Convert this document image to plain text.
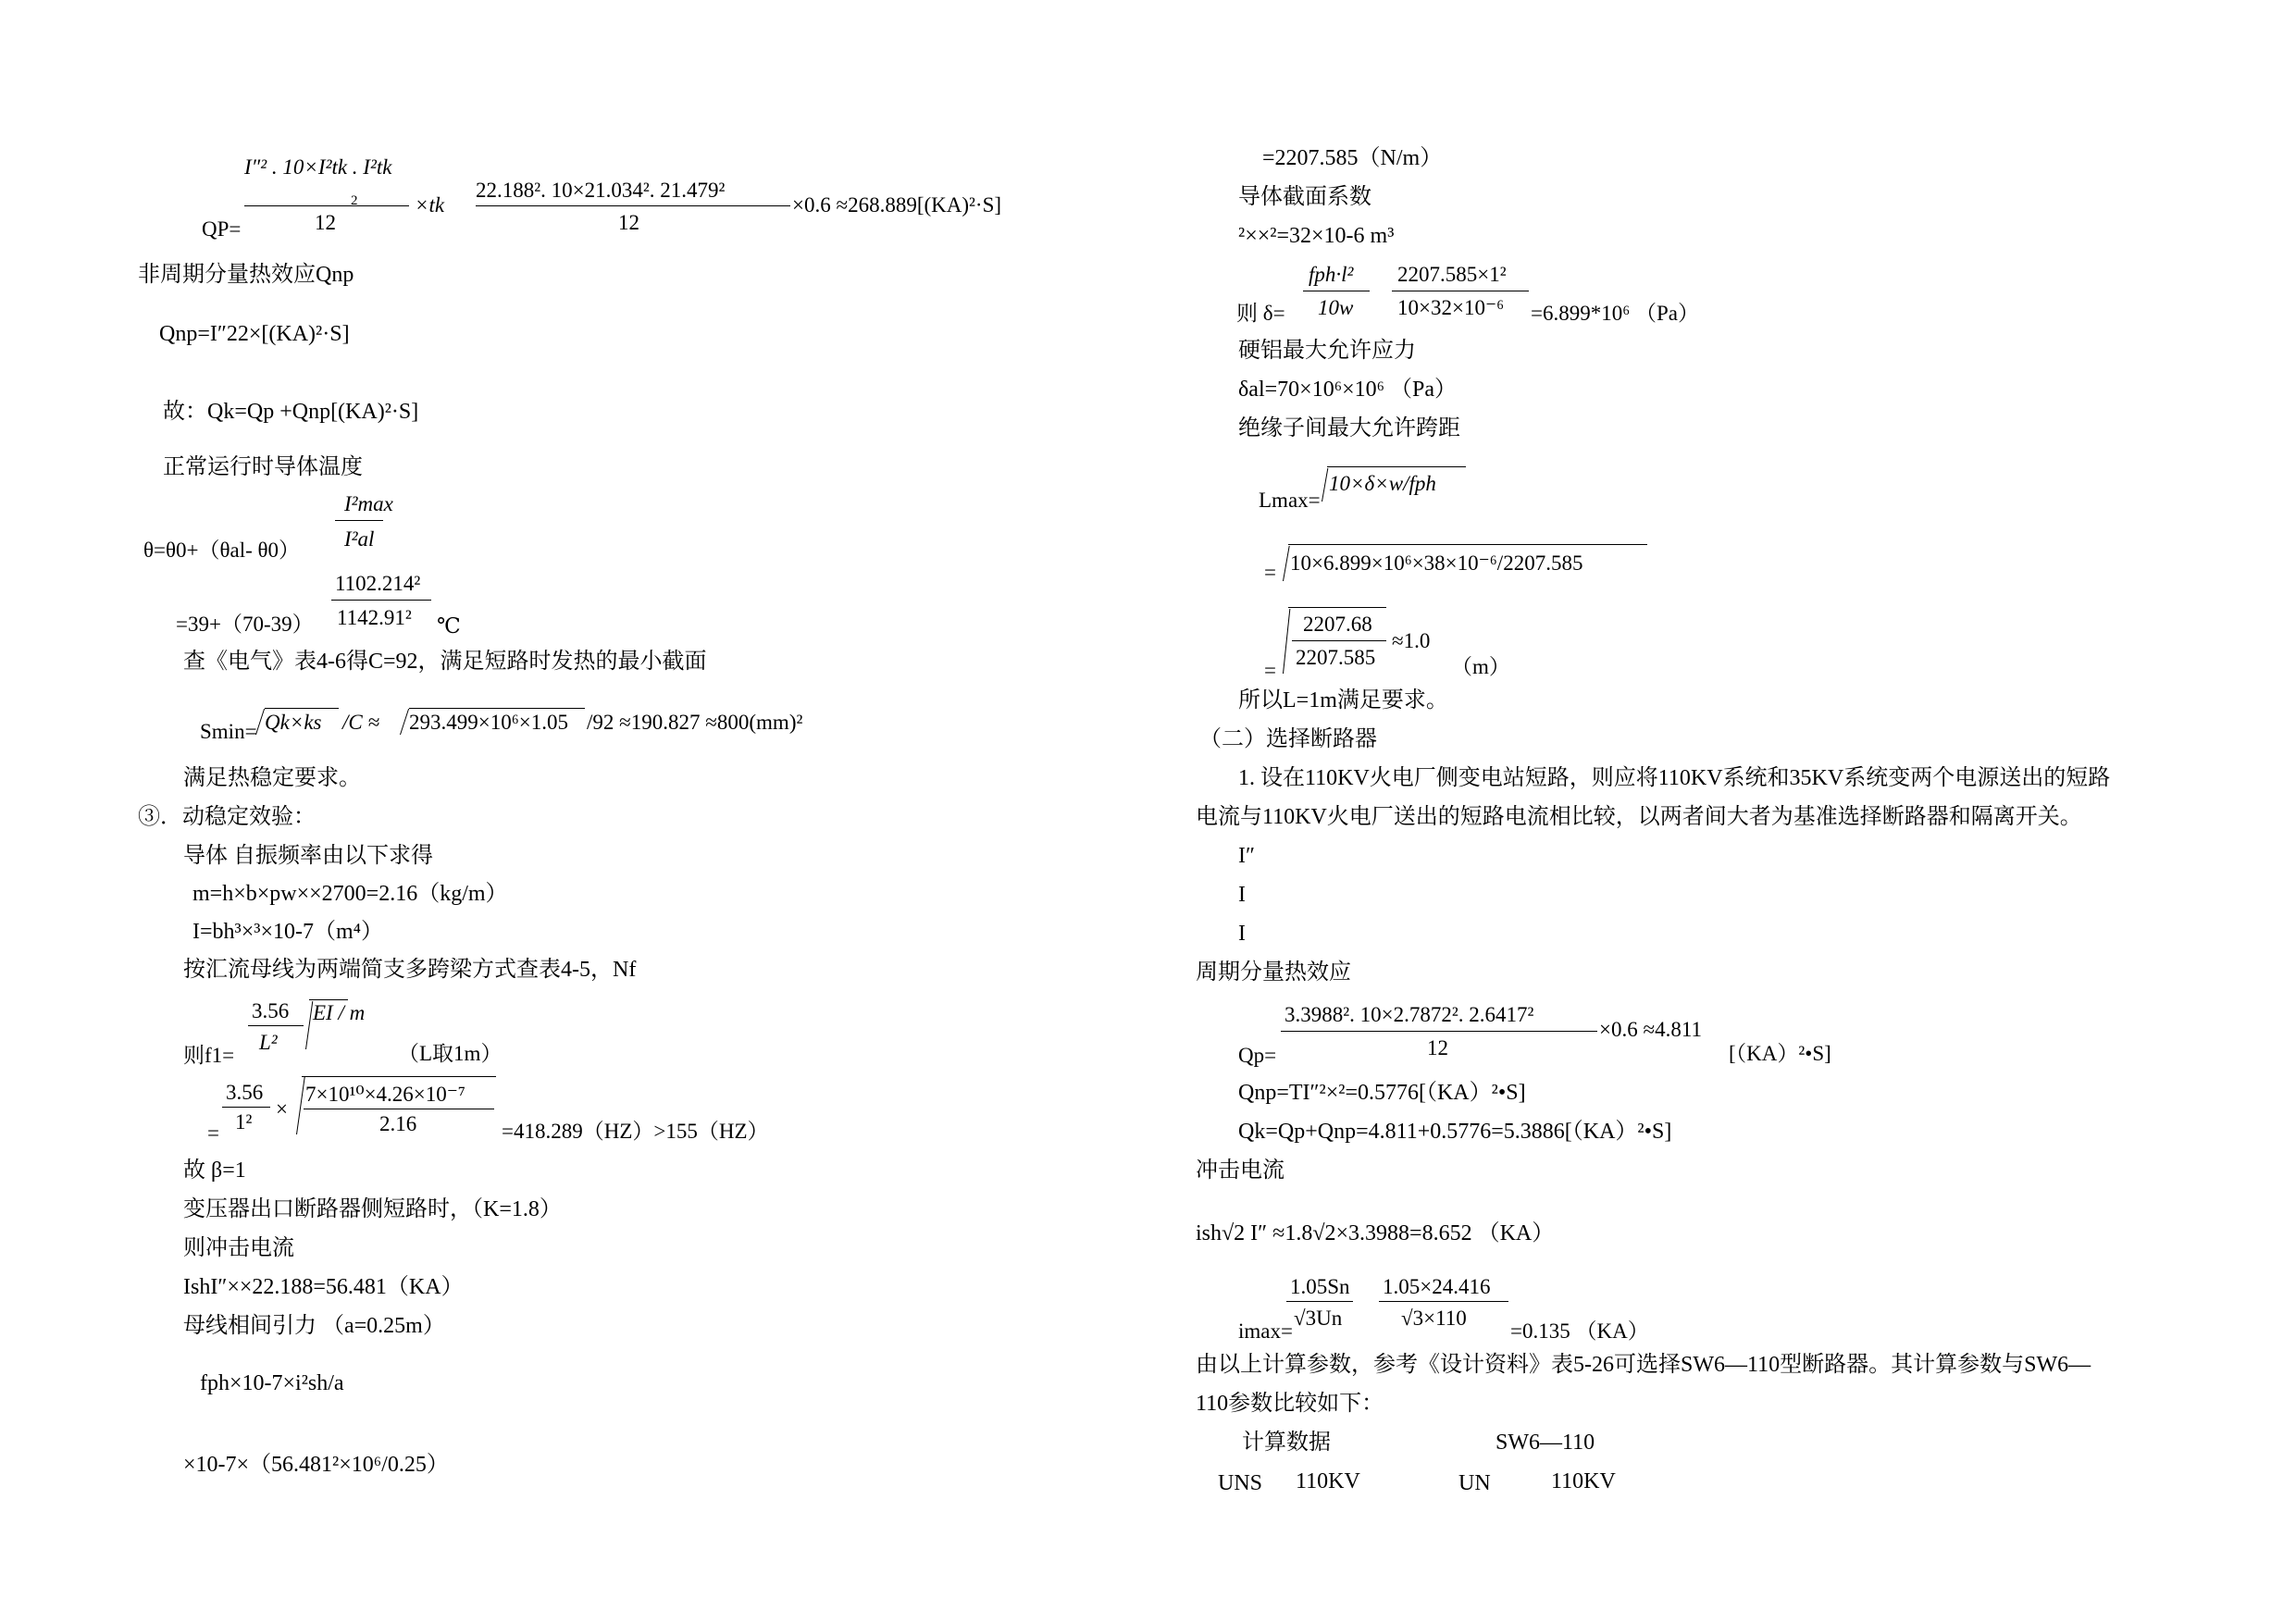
I″² . 10×I²tk . I²tk
2
12
QP=
×tk
22.188². 10×21.034². 21.479²
12
×0.6 ≈268.889[(KA)²·S]
非周期分量热效应Qnp
Qnp=I″22×[(KA)²·S]
故：Qk=Qp +Qnp[(KA)²·S]
正常运行时导体温度
I²max
I²al
θ=θ0+（θal- θ0）
1102.214²
1142.91²
=39+（70-39）	℃
查《电气》表4-6得C=92，满足短路时发热的最小截面
Smin= Qk×ks /C ≈ 293.499×10⁶×1.05 /92 ≈190.827 ≈800(mm)²
满足热稳定要求。
③．动稳定效验：
导体 自振频率由以下求得
m=h×b×pw××2700=2.16（kg/m）
I=bh³×³×10-7（m⁴）
按汇流母线为两端简支多跨梁方式查表4-5，Nf
3.56
L²
EI / m
则f1=	（L取1m）
3.56
1²
×
7×10¹⁰×4.26×10⁻⁷
2.16
=	=418.289（HZ）>155（HZ）
故 β=1
变压器出口断路器侧短路时，（K=1.8）
则冲击电流
IshI″××22.188=56.481（KA）
母线相间引力 （a=0.25m）
fph×10-7×i²sh/a
×10-7×（56.481²×10⁶/0.25）
=2207.585（N/m）
导体截面系数
²××²=32×10-6 m³
fph·l²
10w
2207.585×1²
10×32×10⁻⁶
则 δ=	=6.899*10⁶ （Pa）
硬铝最大允许应力
δal=70×10⁶×10⁶ （Pa）
绝缘子间最大允许跨距
Lmax=
10×δ×w/fph
= 10×6.899×10⁶×38×10⁻⁶/2207.585
=
2207.68
2207.585
≈1.0
（m）
所以L=1m满足要求。
（二）选择断路器
1. 设在110KV火电厂侧变电站短路，则应将110KV系统和35KV系统变两个电源送出的短路
电流与110KV火电厂送出的短路电流相比较，以两者间大者为基准选择断路器和隔离开关。
I″
I
I
周期分量热效应
3.3988². 10×2.7872². 2.6417²
12
×0.6 ≈4.811
Qp=	[（KA）²•S]
Qnp=TI″²×²=0.5776[（KA）²•S]
Qk=Qp+Qnp=4.811+0.5776=5.3886[（KA）²•S]
冲击电流
ish√2 I″ ≈1.8√2×3.3988=8.652 （KA）
1.05Sn
√3Un
1.05×24.416
√3×110
imax=	=0.135 （KA）
由以上计算参数，参考《设计资料》表5-26可选择SW6—110型断路器。其计算参数与SW6—
110参数比较如下：
计算数据	SW6—110
UNS 110KV	UN	110KV
